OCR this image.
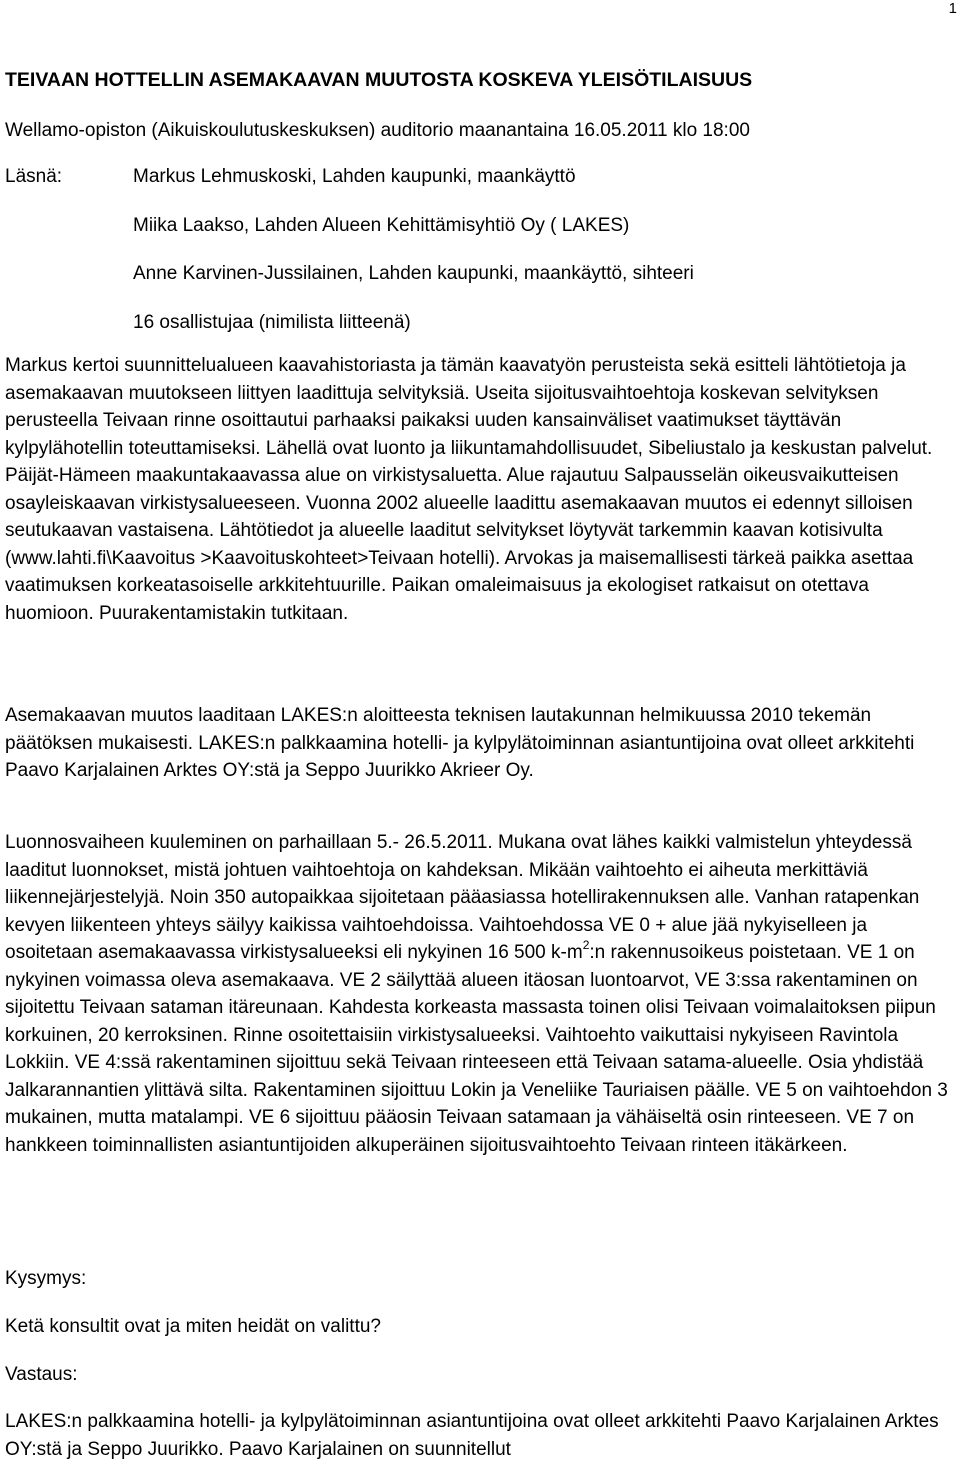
1
TEIVAAN HOTTELLIN ASEMAKAAVAN MUUTOSTA KOSKEVA YLEISÖTILAISUUS
Wellamo-opiston (Aikuiskoulutuskeskuksen) auditorio maanantaina 16.05.2011 klo 18:00
Läsnä:	Markus Lehmuskoski, Lahden kaupunki, maankäyttö
Miika Laakso, Lahden Alueen Kehittämisyhtiö Oy ( LAKES)
Anne Karvinen-Jussilainen, Lahden kaupunki, maankäyttö, sihteeri
16 osallistujaa (nimilista liitteenä)

Markus kertoi suunnittelualueen kaavahistoriasta ja tämän kaavatyön perusteista sekä esitteli lähtötietoja ja asemakaavan muutokseen liittyen laadittuja selvityksiä. Useita sijoitusvaihtoehtoja koskevan selvityksen perusteella Teivaan rinne osoittautui parhaaksi paikaksi uuden kansainväliset vaatimukset täyttävän kylpylähotellin toteuttamiseksi. Lähellä ovat luonto ja liikuntamahdollisuudet, Sibeliustalo ja keskustan palvelut. Päijät-Hämeen maakuntakaavassa alue on virkistysaluetta. Alue rajautuu Salpausselän oikeusvaikutteisen osayleiskaavan virkistysalueeseen. Vuonna 2002 alueelle laadittu asemakaavan muutos ei edennyt silloisen seutukaavan vastaisena. Lähtötiedot ja alueelle laaditut selvitykset löytyvät tarkemmin kaavan kotisivulta (www.lahti.fi\Kaavoitus >Kaavoituskohteet>Teivaan hotelli). Arvokas ja maisemallisesti tärkeä paikka asettaa vaatimuksen korkeatasoiselle arkkitehtuurille. Paikan omaleimaisuus ja ekologiset ratkaisut on otettava huomioon. Puurakentamistakin tutkitaan.

Asemakaavan muutos laaditaan LAKES:n aloitteesta teknisen lautakunnan helmikuussa 2010 tekemän päätöksen mukaisesti. LAKES:n palkkaamina hotelli- ja kylpylätoiminnan asiantuntijoina ovat olleet arkkitehti Paavo Karjalainen Arktes OY:stä ja Seppo Juurikko Akrieer Oy.

Luonnosvaiheen kuuleminen on parhaillaan 5.- 26.5.2011. Mukana ovat lähes kaikki valmistelun yhteydessä laaditut luonnokset, mistä johtuen vaihtoehtoja on kahdeksan. Mikään vaihtoehto ei aiheuta merkittäviä liikennejärjestelyjä. Noin 350 autopaikkaa sijoitetaan pääasiassa hotellirakennuksen alle. Vanhan ratapenkan kevyen liikenteen yhteys säilyy kaikissa vaihtoehdoissa. Vaihtoehdossa VE 0 + alue jää nykyiselleen ja osoitetaan asemakaavassa virkistysalueeksi eli nykyinen 16 500 $k-m^2:n$ rakennusoikeus poistetaan. VE 1 on nykyinen voimassa oleva asemakaava. VE 2 säilyttää alueen itäosan luontoarvot, VE 3:ssa rakentaminen on sijoitettu Teivaan sataman itäreunaan. Kahdesta korkeasta massasta toinen olisi Teivaan voimalaitoksen piipun korkuinen, 20 kerroksinen. Rinne osoitettaisiin virkistysalueeksi. Vaihtoehto vaikuttaisi nykyiseen Ravintola Lokkiin. VE 4:ssä rakentaminen sijoittuu sekä Teivaan rinteeseen että Teivaan satama-alueelle. Osia yhdistää Jalkarannantien ylittävä silta. Rakentaminen sijoittuu Lokin ja Veneliike Tauriaisen päälle. VE 5 on vaihtoehdon 3 mukainen, mutta matalampi. VE 6 sijoittuu pääosin Teivaan satamaan ja vähäiseltä osin rinteeseen. VE 7 on hankkeen toiminnallisten asiantuntijoiden alkuperäinen sijoitusvaihtoehto Teivaan rinteen itäkärkeen.

Kysymys:

Ketä konsultit ovat ja miten heidät on valittu?

Vastaus:

LAKES:n palkkaamina hotelli- ja kylpylätoiminnan asiantuntijoina ovat olleet arkkitehti Paavo Karjalainen Arktes OY:stä ja Seppo Juurikko. Paavo Karjalainen on suunnitellut
